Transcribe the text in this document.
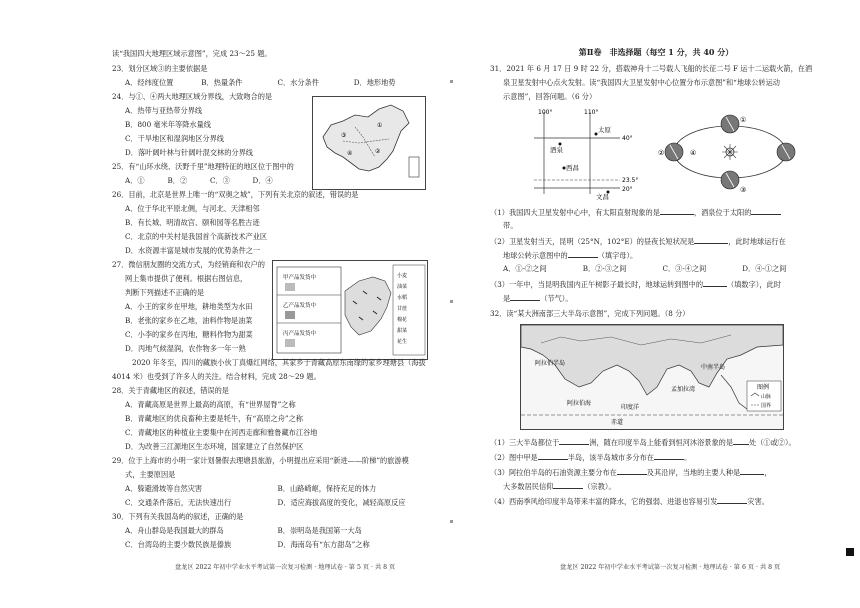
读“我国四大地理区域示意图”，完成 23～25 题。
23．划分区域③的主要依据是
A．经纬度位置	B．热量条件	C．水分条件	D．地形地势
24．与①、④两大地理区域分界线，大致吻合的是
A．热带与亚热带分界线
B．800 毫米年等降水量线
C．干旱地区和湿润地区分界线
D．落叶阔叶林与针阔叶混交林的分界线
25．有“山环水绕、沃野千里”地理特征的地区位于图中的
A．①	B．②	C．③	D．④
③
①
④	②
26．目前，北京是世界上唯一的“双奥之城”，下列有关北京的叙述，错误的是
A．位于华北平原北侧，与河北、天津相邻
B．有长城、明清故宫、颐和园等名胜古迹
C．北京的中关村是我国首个高新技术产业区
D．水资源丰富是城市发展的优势条件之一
27．微信朋友圈的交流方式，为经销商和农户的
网上集市提供了便利。根据右图信息，
判断下列描述不正确的是
A．小王的家乡在甲地，耕地类型为水田
B．老张的家乡在乙地，油料作物是油菜
C．小李的家乡在丙地，糖料作物为甜菜
D．丙地气候湿润，农作物多一年一熟
甲产品发货中
乙产品发货中
丙产品发货中
小麦
油菜
水稻
甘蔗
棉花
甜菜
花生
2020 年冬至，四川的藏族小伙丁真爆红网络，其家乡于青藏高原东南缘的家乡理塘县（海拔
4014 米）也受到了许多人的关注。结合材料，完成 28～29 题。
28．关于青藏地区的叙述，错误的是
A．青藏高原是世界上最高的高原，有“世界屋脊”之称
B．青藏地区的优良畜种主要是牦牛，有“高原之舟”之称
C．青藏地区的种植业主要集中在河西走廊和雅鲁藏布江谷地
D．为改善三江源地区生态环境，国家建立了自然保护区
29．位于上海市的小明一家计划暑假去理塘县旅游，小明提出应采用“新进——阶梯”的旅游模
式，主要原因是
A．躲避滑坡等自然灾害	B．山路崎岖，保持充足的体力
C．交通条件落后，无法快速出行	D．适应海拔高度的变化，减轻高原反应
30．下列有关我国岛屿的叙述，正确的是
A．舟山群岛是我国最大的群岛	B．崇明岛是我国第一大岛
C．台湾岛的主要少数民族是傣族	D．海南岛有“东方甜岛”之称
盘龙区 2022 年初中学业水平考试第一次复习检测 · 地理试卷 · 第 5 页 · 共 8 页
第Ⅱ卷　非选择题（每空 1 分，共 40 分）
31．2021 年 6 月 17 日 9 时 22 分，搭载神舟十二号载人飞船的长征二号 F 运十二运载火箭，在酒
泉卫星发射中心点火发射。读“我国四大卫星发射中心位置分布示意图”和“地球公转运动
示意图”，回答问题。（6 分）
100°	110°
40°
23.5°
20°
酒泉
太原
西昌
文昌
①
②
③
④
（1）我国四大卫星发射中心中，有太阳直射现象的是	，酒泉位于太阳的
带。
（2）卫星发射当天，昆明（25°N，102°E）的昼夜长短状况是	，此时地球运行在
地球公转示意图中的	（填字母）。
A．①-②之间	B．②-③之间	C．③-④之间	D．④-①之间
（3）一年中，当昆明我国内正午树影子最长时，地球运转到图中的	（填数字），此时
是	（节气）。
32．读“某大洲南部三大半岛示意图”，完成下列问题。（8 分）
阿拉伯海
孟加拉湾
印度洋
赤道
中南半岛
阿拉伯半岛
图例
山脉
国界
（1）三大半岛都位于	洲，随在印度半岛上能看到恒河沐浴景象的是 处（①或②）。
（2）图中甲是	半岛，该半岛城市多分布在	。
（3）阿拉伯半岛的石油资源主要分布在	及其沿岸，当地的主要人种是	，
大多数居民信仰	（宗教）。
（4）西南季风给印度半岛带来丰富的降水，它的强弱、进退也容易引发	灾害。
盘龙区 2022 年初中学业水平考试第一次复习检测 · 地理试卷 · 第 6 页 · 共 8 页
